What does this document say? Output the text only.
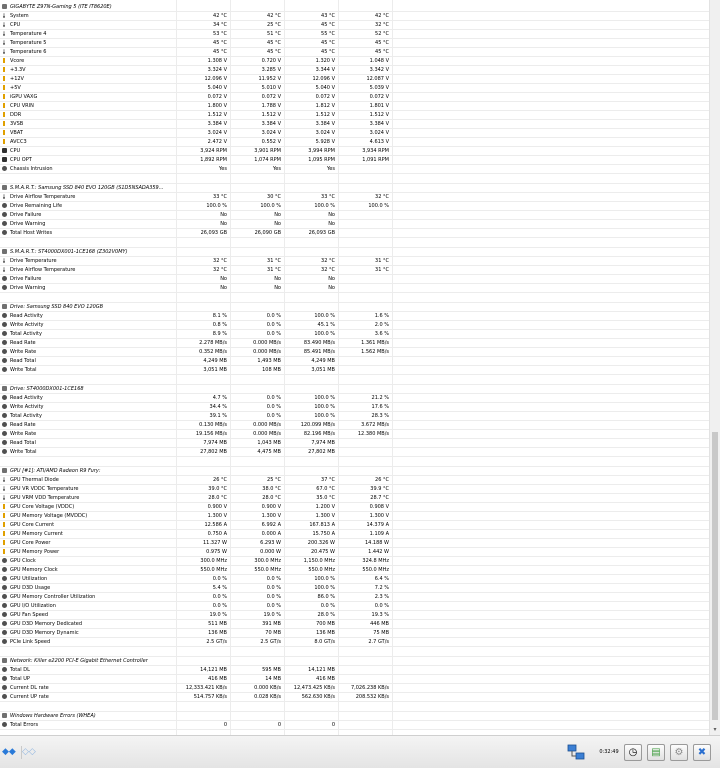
GIGABYTE Z97N-Gaming 5 (ITE IT8620E)
System	42 °C	42 °C	43 °C	42 °C
CPU	34 °C	25 °C	45 °C	32 °C
Temperature 4	53 °C	51 °C	55 °C	52 °C
Temperature 5	45 °C	45 °C	45 °C	45 °C
Temperature 6	45 °C	45 °C	45 °C	45 °C
Vcore	1.308 V	0.720 V	1.320 V	1.048 V
+3.3V	3.324 V	3.285 V	3.344 V	3.342 V
+12V	12.096 V	11.952 V	12.096 V	12.087 V
+5V	5.040 V	5.010 V	5.040 V	5.039 V
iGPU VAXG	0.072 V	0.072 V	0.072 V	0.072 V
CPU VRIN	1.800 V	1.788 V	1.812 V	1.801 V
DDR	1.512 V	1.512 V	1.512 V	1.512 V
3VSB	3.384 V	3.384 V	3.384 V	3.384 V
VBAT	3.024 V	3.024 V	3.024 V	3.024 V
AVCC3	2.472 V	0.552 V	5.928 V	4.613 V
CPU	3,924 RPM	3,901 RPM	3,994 RPM	3,934 RPM
CPU OPT	1,892 RPM	1,074 RPM	1,095 RPM	1,091 RPM
Chassis Intrusion	Yes	Yes	Yes
S.M.A.R.T.: Samsung SSD 840 EVO 120GB (S1D5NSADA359...
Drive Airflow Temperature	33 °C	30 °C	33 °C	32 °C
Drive Remaining Life	100.0 %	100.0 %	100.0 %	100.0 %
Drive Failure	No	No	No
Drive Warning	No	No	No
Total Host Writes	26,093 GB	26,090 GB	26,093 GB
S.M.A.R.T.: ST4000DX001-1CE168 (Z302V0MY)
Drive Temperature	32 °C	31 °C	32 °C	31 °C
Drive Airflow Temperature	32 °C	31 °C	32 °C	31 °C
Drive Failure	No	No	No
Drive Warning	No	No	No
Drive: Samsung SSD 840 EVO 120GB
Read Activity	8.1 %	0.0 %	100.0 %	1.6 %
Write Activity	0.8 %	0.0 %	45.1 %	2.0 %
Total Activity	8.9 %	0.0 %	100.0 %	3.6 %
Read Rate	2.278 MB/s	0.000 MB/s	83.490 MB/s	1.361 MB/s
Write Rate	0.352 MB/s	0.000 MB/s	85.491 MB/s	1.562 MB/s
Read Total	4,249 MB	1,493 MB	4,249 MB
Write Total	3,051 MB	108 MB	3,051 MB
Drive: ST4000DX001-1CE168
Read Activity	4.7 %	0.0 %	100.0 %	21.2 %
Write Activity	34.4 %	0.0 %	100.0 %	17.6 %
Total Activity	39.1 %	0.0 %	100.0 %	28.3 %
Read Rate	0.130 MB/s	0.000 MB/s	120.099 MB/s	3.672 MB/s
Write Rate	19.156 MB/s	0.000 MB/s	82.196 MB/s	12.380 MB/s
Read Total	7,974 MB	1,043 MB	7,974 MB
Write Total	27,802 MB	4,475 MB	27,802 MB
GPU [#1]: ATI/AMD Radeon R9 Fury:
GPU Thermal Diode	26 °C	25 °C	37 °C	26 °C
GPU VR VDDC Temperature	39.0 °C	38.0 °C	67.0 °C	39.9 °C
GPU VRM VDD Temperature	28.0 °C	28.0 °C	35.0 °C	28.7 °C
GPU Core Voltage (VDDC)	0.900 V	0.900 V	1.200 V	0.908 V
GPU Memory Voltage (MVDDC)	1.300 V	1.300 V	1.300 V	1.300 V
GPU Core Current	12.586 A	6.992 A	167.813 A	14.379 A
GPU Memory Current	0.750 A	0.000 A	15.750 A	1.109 A
GPU Core Power	11.327 W	6.293 W	200.326 W	14.188 W
GPU Memory Power	0.975 W	0.000 W	20.475 W	1.442 W
GPU Clock	300.0 MHz	300.0 MHz	1,150.0 MHz	324.8 MHz
GPU Memory Clock	550.0 MHz	550.0 MHz	550.0 MHz	550.0 MHz
GPU Utilization	0.0 %	0.0 %	100.0 %	6.4 %
GPU D3D Usage	5.4 %	0.0 %	100.0 %	7.2 %
GPU Memory Controller Utilization	0.0 %	0.0 %	86.0 %	2.3 %
GPU I/O Utilization	0.0 %	0.0 %	0.0 %	0.0 %
GPU Fan Speed	19.0 %	19.0 %	28.0 %	19.3 %
GPU D3D Memory Dedicated	511 MB	391 MB	700 MB	446 MB
GPU D3D Memory Dynamic	136 MB	70 MB	136 MB	75 MB
PCIe Link Speed	2.5 GT/s	2.5 GT/s	8.0 GT/s	2.7 GT/s
Network: Killer e2200 PCI-E Gigabit Ethernet Controller
Total DL	14,121 MB	595 MB	14,121 MB
Total UP	416 MB	14 MB	416 MB
Current DL rate	12,333.421 KB/s	0.000 KB/s	12,473.425 KB/s	7,026.238 KB/s
Current UP rate	514.757 KB/s	0.028 KB/s	562.630 KB/s	208.532 KB/s
Windows Hardware Errors (WHEA)
Total Errors	0	0	0
▾
◆◆ ◇◇	0:32:49 ◷	▤	⚙	✖
